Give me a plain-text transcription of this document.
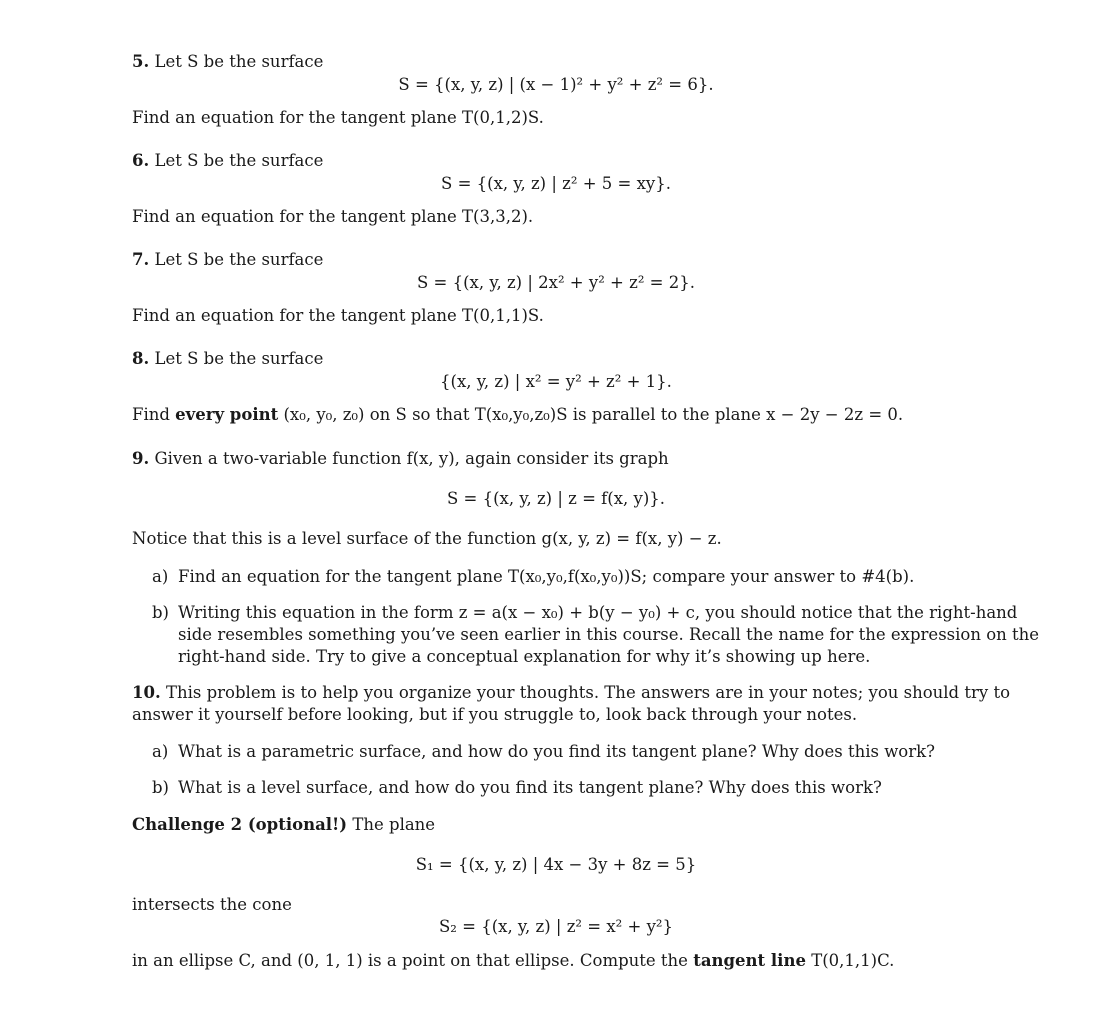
5. Let S be the surface
S = {(x, y, z) | (x − 1)² + y² + z² = 6}.
Find an equation for the tangent plane T(0,1,2)S.
6. Let S be the surface
S = {(x, y, z) | z² + 5 = xy}.
Find an equation for the tangent plane T(3,3,2).
7. Let S be the surface
S = {(x, y, z) | 2x² + y² + z² = 2}.
Find an equation for the tangent plane T(0,1,1)S.
8. Let S be the surface
{(x, y, z) | x² = y² + z² + 1}.
Find every point (x₀, y₀, z₀) on S so that T(x₀,y₀,z₀)S is parallel to the plane x − 2y − 2z = 0.
9. Given a two-variable function f(x, y), again consider its graph
S = {(x, y, z) | z = f(x, y)}.
Notice that this is a level surface of the function g(x, y, z) = f(x, y) − z.
a) Find an equation for the tangent plane T(x₀,y₀,f(x₀,y₀))S; compare your answer to #4(b).
b) Writing this equation in the form z = a(x − x₀) + b(y − y₀) + c, you should notice that the right-hand
side resembles something you’ve seen earlier in this course. Recall the name for the expression on the
right-hand side. Try to give a conceptual explanation for why it’s showing up here.
10. This problem is to help you organize your thoughts. The answers are in your notes; you should try to
answer it yourself before looking, but if you struggle to, look back through your notes.
a) What is a parametric surface, and how do you find its tangent plane? Why does this work?
b) What is a level surface, and how do you find its tangent plane? Why does this work?
Challenge 2 (optional!) The plane
S₁ = {(x, y, z) | 4x − 3y + 8z = 5}
intersects the cone
S₂ = {(x, y, z) | z² = x² + y²}
in an ellipse C, and (0, 1, 1) is a point on that ellipse. Compute the tangent line T(0,1,1)C.
